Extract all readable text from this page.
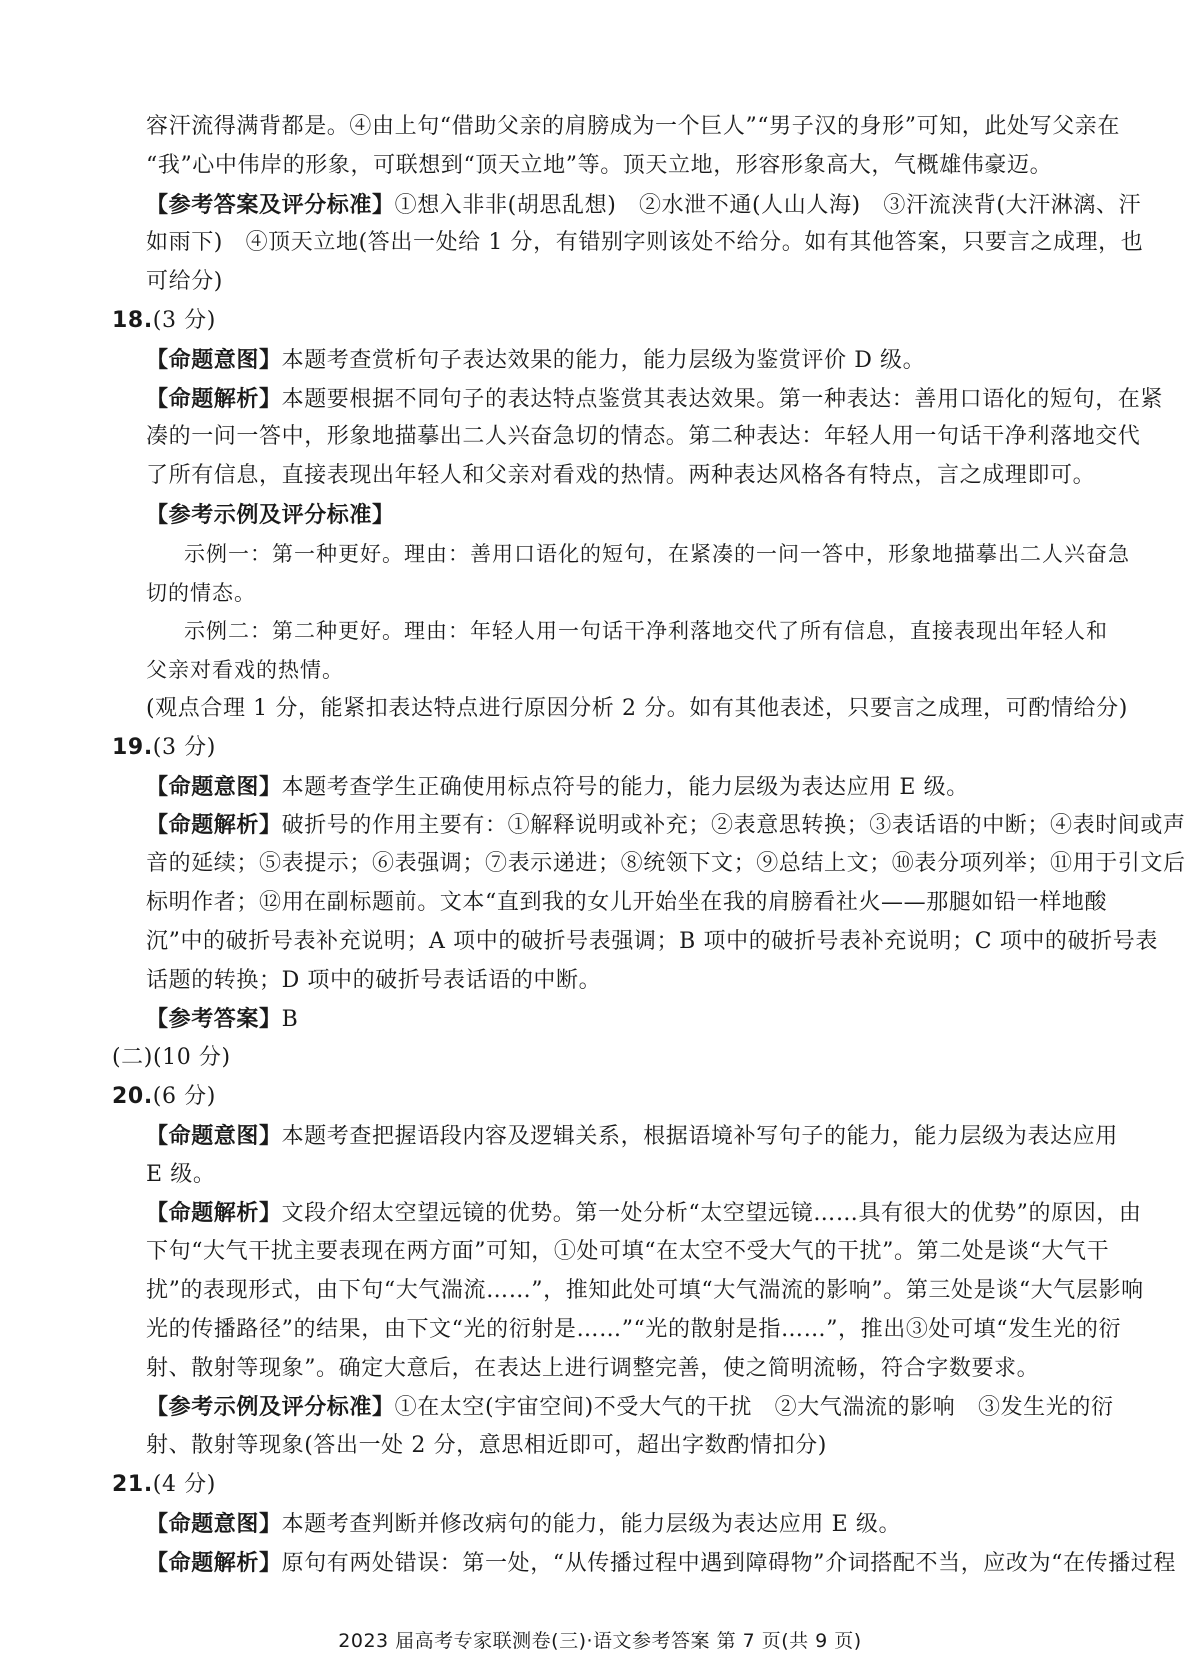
容汗流得满背都是。④由上句“借助父亲的肩膀成为一个巨人”“男子汉的身形”可知，此处写父亲在
“我”心中伟岸的形象，可联想到“顶天立地”等。顶天立地，形容形象高大，气概雄伟豪迈。
【参考答案及评分标准】①想入非非(胡思乱想)　②水泄不通(人山人海)　③汗流浃背(大汗淋漓、汗
如雨下)　④顶天立地(答出一处给 1 分，有错别字则该处不给分。如有其他答案，只要言之成理，也
可给分)
18.(3 分)
【命题意图】本题考查赏析句子表达效果的能力，能力层级为鉴赏评价 D 级。
【命题解析】本题要根据不同句子的表达特点鉴赏其表达效果。第一种表达：善用口语化的短句，在紧
凑的一问一答中，形象地描摹出二人兴奋急切的情态。第二种表达：年轻人用一句话干净利落地交代
了所有信息，直接表现出年轻人和父亲对看戏的热情。两种表达风格各有特点，言之成理即可。
【参考示例及评分标准】
示例一：第一种更好。理由：善用口语化的短句，在紧凑的一问一答中，形象地描摹出二人兴奋急
切的情态。
示例二：第二种更好。理由：年轻人用一句话干净利落地交代了所有信息，直接表现出年轻人和
父亲对看戏的热情。
(观点合理 1 分，能紧扣表达特点进行原因分析 2 分。如有其他表述，只要言之成理，可酌情给分)
19.(3 分)
【命题意图】本题考查学生正确使用标点符号的能力，能力层级为表达应用 E 级。
【命题解析】破折号的作用主要有：①解释说明或补充；②表意思转换；③表话语的中断；④表时间或声
音的延续；⑤表提示；⑥表强调；⑦表示递进；⑧统领下文；⑨总结上文；⑩表分项列举；⑪用于引文后
标明作者；⑫用在副标题前。文本“直到我的女儿开始坐在我的肩膀看社火——那腿如铅一样地酸
沉”中的破折号表补充说明；A 项中的破折号表强调；B 项中的破折号表补充说明；C 项中的破折号表
话题的转换；D 项中的破折号表话语的中断。
【参考答案】B
(二)(10 分)
20.(6 分)
【命题意图】本题考查把握语段内容及逻辑关系，根据语境补写句子的能力，能力层级为表达应用
E 级。
【命题解析】文段介绍太空望远镜的优势。第一处分析“太空望远镜……具有很大的优势”的原因，由
下句“大气干扰主要表现在两方面”可知，①处可填“在太空不受大气的干扰”。第二处是谈“大气干
扰”的表现形式，由下句“大气湍流……”，推知此处可填“大气湍流的影响”。第三处是谈“大气层影响
光的传播路径”的结果，由下文“光的衍射是……”“光的散射是指……”，推出③处可填“发生光的衍
射、散射等现象”。确定大意后，在表达上进行调整完善，使之简明流畅，符合字数要求。
【参考示例及评分标准】①在太空(宇宙空间)不受大气的干扰　②大气湍流的影响　③发生光的衍
射、散射等现象(答出一处 2 分，意思相近即可，超出字数酌情扣分)
21.(4 分)
【命题意图】本题考查判断并修改病句的能力，能力层级为表达应用 E 级。
【命题解析】原句有两处错误：第一处，“从传播过程中遇到障碍物”介词搭配不当，应改为“在传播过程
2023 届高考专家联测卷(三)·语文参考答案 第 7 页(共 9 页)
